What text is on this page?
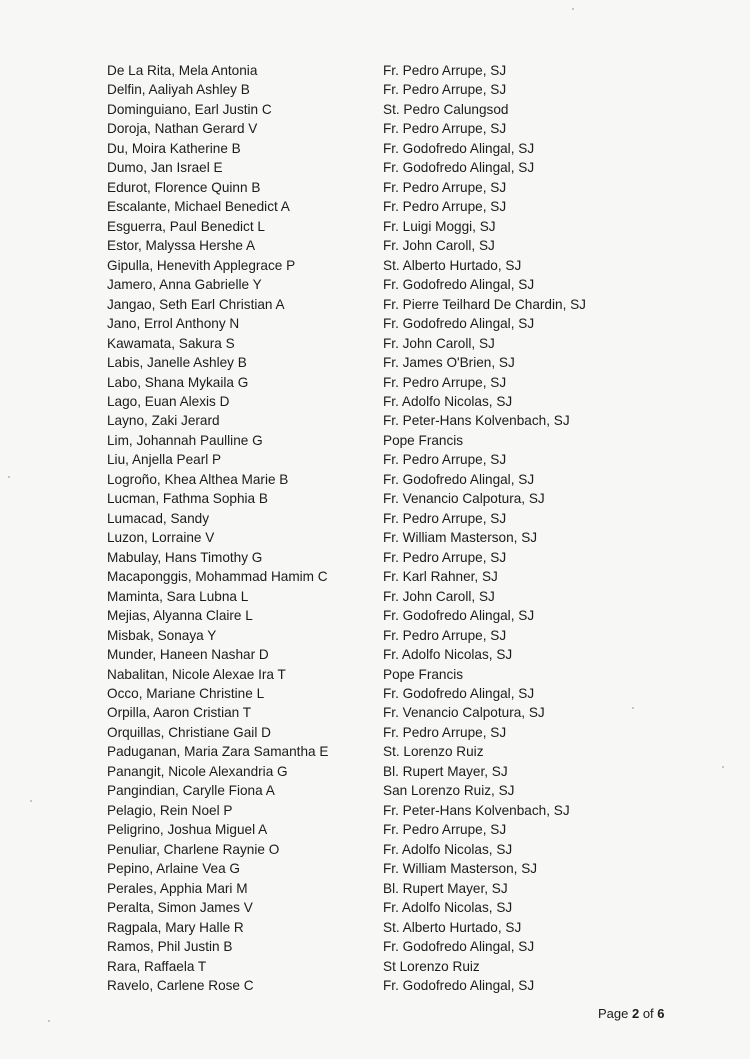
De La Rita, Mela Antonia	Fr. Pedro Arrupe, SJ
Delfin, Aaliyah Ashley B	Fr. Pedro Arrupe, SJ
Dominguiano, Earl Justin C	St. Pedro Calungsod
Doroja, Nathan Gerard V	Fr. Pedro Arrupe, SJ
Du, Moira Katherine B	Fr. Godofredo Alingal, SJ
Dumo, Jan Israel E	Fr. Godofredo Alingal, SJ
Edurot, Florence Quinn B	Fr. Pedro Arrupe, SJ
Escalante, Michael Benedict A	Fr. Pedro Arrupe, SJ
Esguerra, Paul Benedict L	Fr. Luigi Moggi, SJ
Estor, Malyssa Hershe A	Fr. John Caroll, SJ
Gipulla, Henevith Applegrace P	St. Alberto Hurtado, SJ
Jamero, Anna Gabrielle Y	Fr. Godofredo Alingal, SJ
Jangao, Seth Earl Christian A	Fr. Pierre Teilhard De Chardin, SJ
Jano, Errol Anthony N	Fr. Godofredo Alingal, SJ
Kawamata, Sakura S	Fr. John Caroll, SJ
Labis, Janelle Ashley B	Fr. James O'Brien, SJ
Labo, Shana Mykaila G	Fr. Pedro Arrupe, SJ
Lago, Euan Alexis D	Fr. Adolfo Nicolas, SJ
Layno, Zaki Jerard	Fr. Peter-Hans Kolvenbach, SJ
Lim, Johannah Paulline G	Pope Francis
Liu, Anjella Pearl P	Fr. Pedro Arrupe, SJ
Logroño, Khea Althea Marie B	Fr. Godofredo Alingal, SJ
Lucman, Fathma Sophia B	Fr. Venancio Calpotura, SJ
Lumacad, Sandy	Fr. Pedro Arrupe, SJ
Luzon, Lorraine V	Fr. William Masterson, SJ
Mabulay, Hans Timothy G	Fr. Pedro Arrupe, SJ
Macaponggis, Mohammad Hamim C	Fr. Karl Rahner, SJ
Maminta, Sara Lubna L	Fr. John Caroll, SJ
Mejias, Alyanna Claire L	Fr. Godofredo Alingal, SJ
Misbak, Sonaya Y	Fr. Pedro Arrupe, SJ
Munder, Haneen Nashar D	Fr. Adolfo Nicolas, SJ
Nabalitan, Nicole Alexae Ira T	Pope Francis
Occo, Mariane Christine L	Fr. Godofredo Alingal, SJ
Orpilla, Aaron Cristian T	Fr. Venancio Calpotura, SJ
Orquillas, Christiane Gail D	Fr. Pedro Arrupe, SJ
Paduganan, Maria Zara Samantha E	St. Lorenzo Ruiz
Panangit, Nicole Alexandria G	Bl. Rupert Mayer, SJ
Pangindian, Carylle Fiona A	San Lorenzo Ruiz, SJ
Pelagio, Rein Noel P	Fr. Peter-Hans Kolvenbach, SJ
Peligrino, Joshua Miguel A	Fr. Pedro Arrupe, SJ
Penuliar, Charlene Raynie O	Fr. Adolfo Nicolas, SJ
Pepino, Arlaine Vea G	Fr. William Masterson, SJ
Perales, Apphia Mari M	Bl. Rupert Mayer, SJ
Peralta, Simon James V	Fr. Adolfo Nicolas, SJ
Ragpala, Mary Halle R	St. Alberto Hurtado, SJ
Ramos, Phil Justin B	Fr. Godofredo Alingal, SJ
Rara, Raffaela T	St Lorenzo Ruiz
Ravelo, Carlene Rose C	Fr. Godofredo Alingal, SJ
Page 2 of 6
